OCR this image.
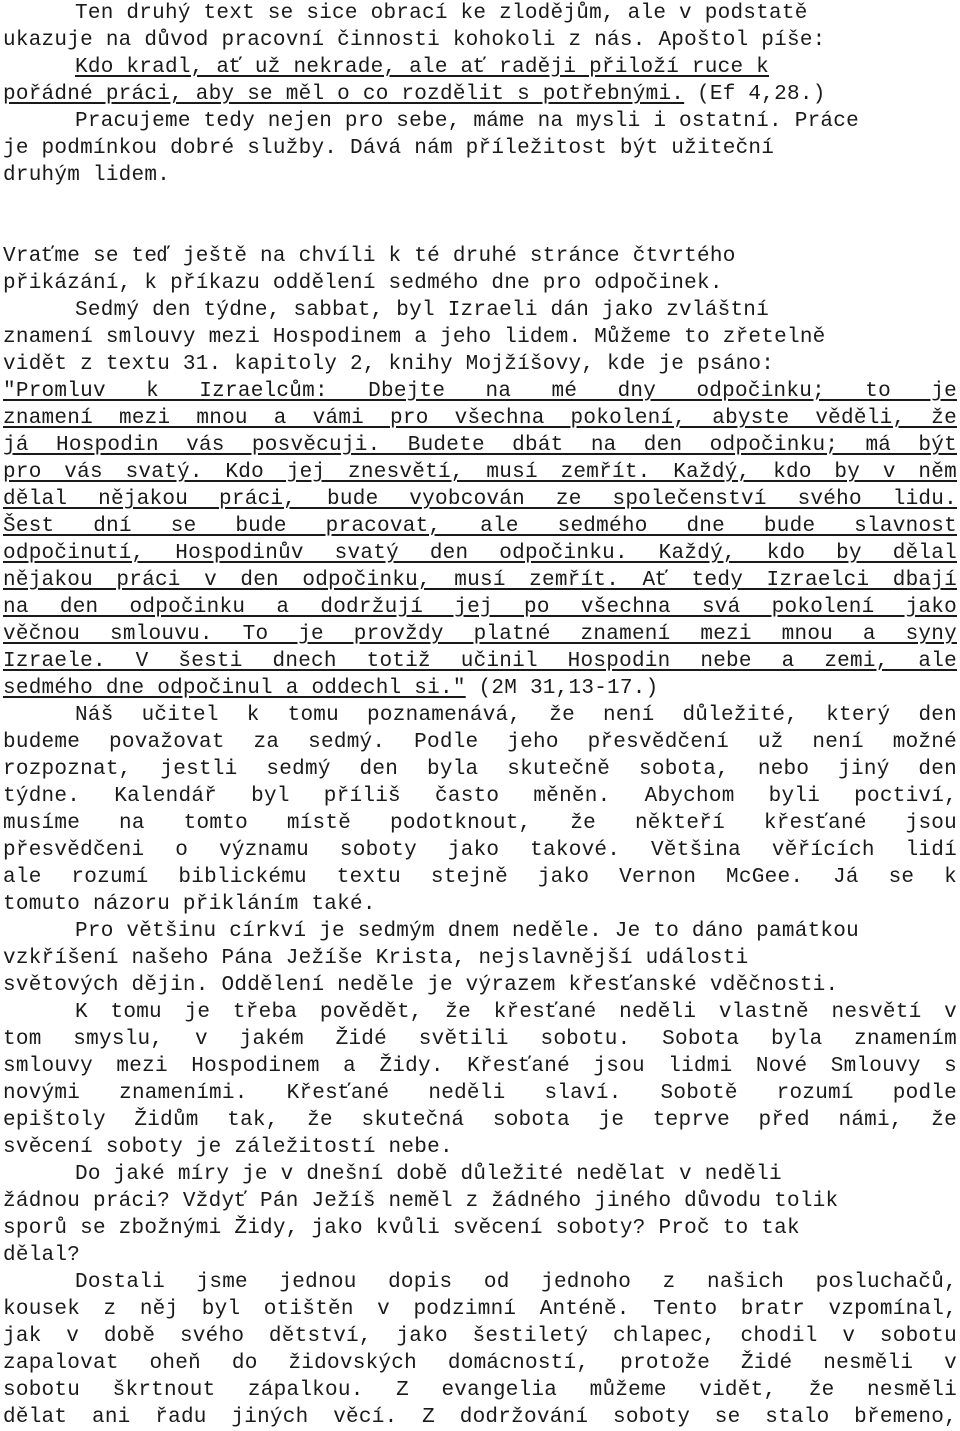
Ten druhý text se sice obrací ke zlodějům, ale v podstatě
ukazuje na důvod pracovní činnosti kohokoli z nás. Apoštol píše:
Kdo kradl, ať už nekrade, ale ať raději přiloží ruce k
pořádné práci, aby se měl o co rozdělit s potřebnými. (Ef 4,28.)
Pracujeme tedy nejen pro sebe, máme na mysli i ostatní. Práce
je podmínkou dobré služby. Dává nám příležitost být užiteční
druhým lidem.
Vraťme se teď ještě na chvíli k té druhé stránce čtvrtého
přikázání, k příkazu oddělení sedmého dne pro odpočinek.
Sedmý den týdne, sabbat, byl Izraeli dán jako zvláštní
znamení smlouvy mezi Hospodinem a jeho lidem. Můžeme to zřetelně
vidět z textu 31. kapitoly 2, knihy Mojžíšovy, kde je psáno:
"Promluv k Izraelcům: Dbejte na mé dny odpočinku; to je
znamení mezi mnou a vámi pro všechna pokolení, abyste věděli, že
já Hospodin vás posvěcuji. Budete dbát na den odpočinku; má být
pro vás svatý. Kdo jej znesvětí, musí zemřít. Každý, kdo by v něm
dělal nějakou práci, bude vyobcován ze společenství svého lidu.
Šest dní se bude pracovat, ale sedmého dne bude slavnost
odpočinutí, Hospodinův svatý den odpočinku. Každý, kdo by dělal
nějakou práci v den odpočinku, musí zemřít. Ať tedy Izraelci dbají
na den odpočinku a dodržují jej po všechna svá pokolení jako
věčnou smlouvu. To je provždy platné znamení mezi mnou a syny
Izraele. V šesti dnech totiž učinil Hospodin nebe a zemi, ale
sedmého dne odpočinul a oddechl si." (2M 31,13-17.)
Náš učitel k tomu poznamenává, že není důležité, který den
budeme považovat za sedmý. Podle jeho přesvědčení už není možné
rozpoznat, jestli sedmý den byla skutečně sobota, nebo jiný den
týdne. Kalendář byl příliš často měněn. Abychom byli poctiví,
musíme na tomto místě podotknout, že někteří křesťané jsou
přesvědčeni o významu soboty jako takové. Většina věřících lidí
ale rozumí biblickému textu stejně jako Vernon McGee. Já se k
tomuto názoru přikláním také.
Pro většinu církví je sedmým dnem neděle. Je to dáno památkou
vzkříšení našeho Pána Ježíše Krista, nejslavnější události
světových dějin. Oddělení neděle je výrazem křesťanské vděčnosti.
K tomu je třeba povědět, že křesťané neděli vlastně nesvětí v
tom smyslu, v jakém Židé světili sobotu. Sobota byla znamením
smlouvy mezi Hospodinem a Židy. Křesťané jsou lidmi Nové Smlouvy s
novými znameními. Křesťané neděli slaví. Sobotě rozumí podle
epištoly Židům tak, že skutečná sobota je teprve před námi, že
svěcení soboty je záležitostí nebe.
Do jaké míry je v dnešní době důležité nedělat v neděli
žádnou práci? Vždyť Pán Ježíš neměl z žádného jiného důvodu tolik
sporů se zbožnými Židy, jako kvůli svěcení soboty? Proč to tak
dělal?
Dostali jsme jednou dopis od jednoho z našich posluchačů,
kousek z něj byl otištěn v podzimní Anténě. Tento bratr vzpomínal,
jak v době svého dětství, jako šestiletý chlapec, chodil v sobotu
zapalovat oheň do židovských domácností, protože Židé nesměli v
sobotu škrtnout zápalkou. Z evangelia můžeme vidět, že nesměli
dělat ani řadu jiných věcí. Z dodržování soboty se stalo břemeno,
